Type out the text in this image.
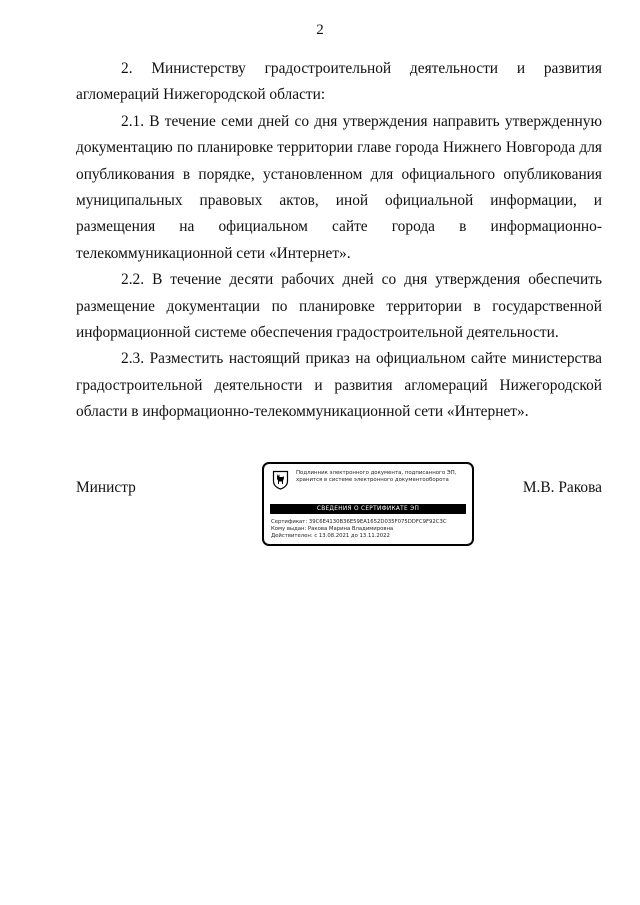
2

2. Министерству градостроительной деятельности и развития агломераций Нижегородской области:

2.1. В течение семи дней со дня утверждения направить утвержденную документацию по планировке территории главе города Нижнего Новгорода для опубликования в порядке, установленном для официального опубликования муниципальных правовых актов, иной официальной информации, и размещения на официальном сайте города в информационно-телекоммуникационной сети «Интернет».

2.2. В течение десяти рабочих дней со дня утверждения обеспечить размещение документации по планировке территории в государственной информационной системе обеспечения градостроительной деятельности.

2.3. Разместить настоящий приказ на официальном сайте министерства градостроительной деятельности и развития агломераций Нижегородской области в информационно-телекоммуникационной сети «Интернет».

Министр
Подлинник электронного документа, подписанного ЭП, хранится в системе электронного документооборота
СВЕДЕНИЯ О СЕРТИФИКАТЕ ЭП
Сертификат: 39C6E4130B36E59EA1652D035F075DDFC9F92C3C
Кому выдан: Ракова Марина Владимировна
Действителен: с 13.08.2021 до 13.11.2022
М.В. Ракова
